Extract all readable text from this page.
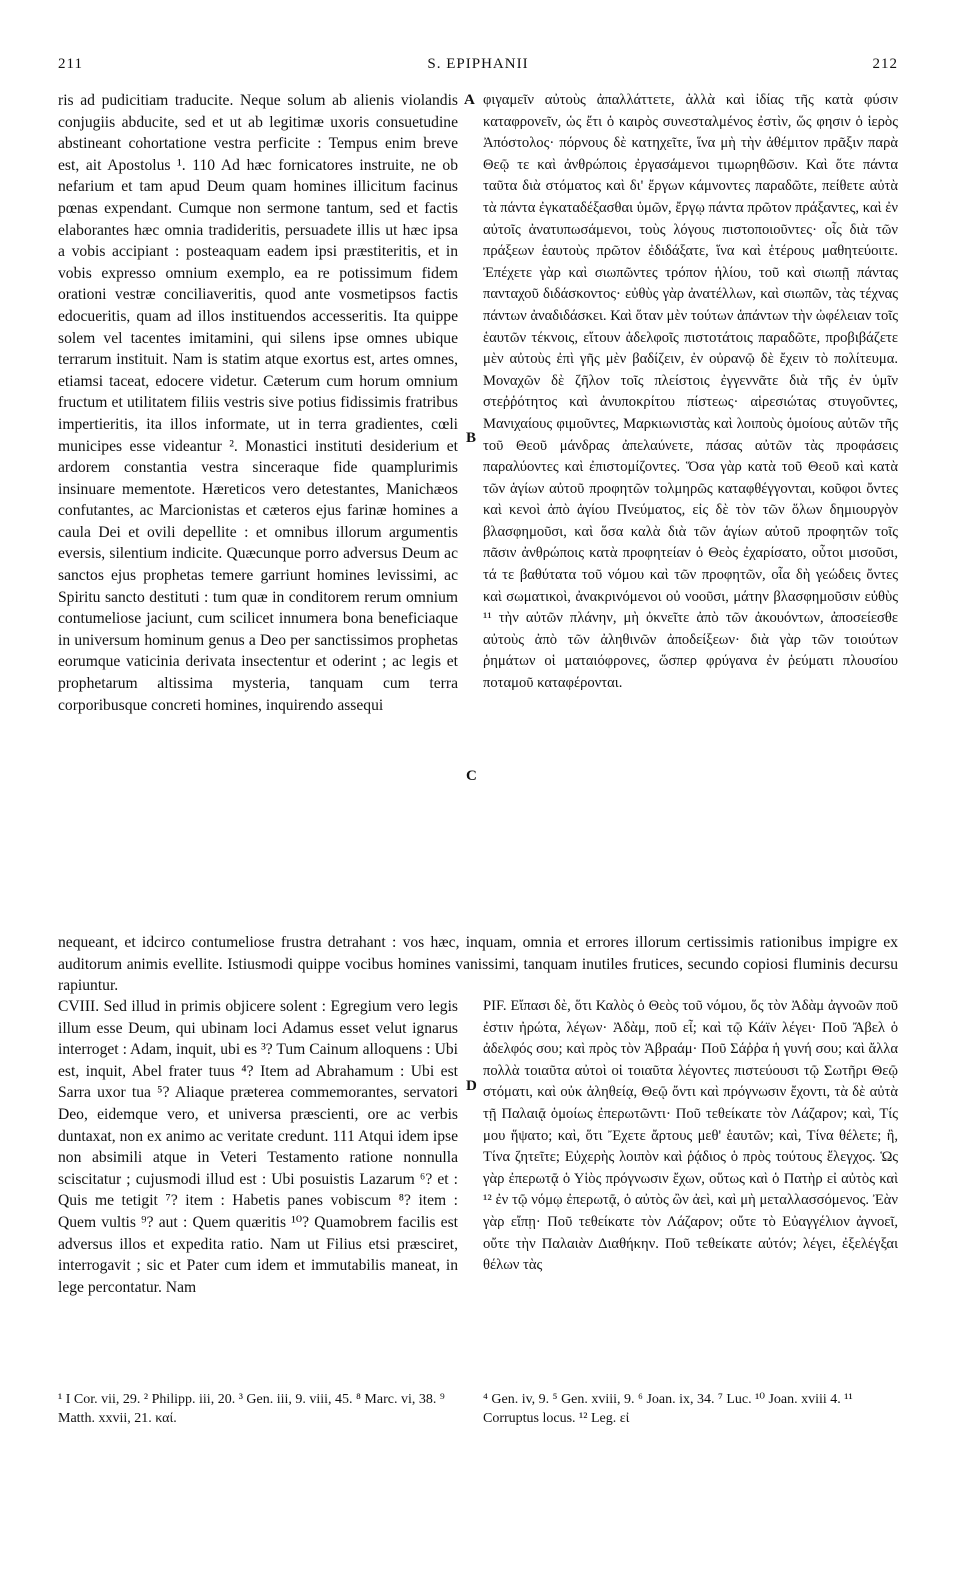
211	S. EPIPHANII	212

ris ad pudicitiam traducite. Neque solum ab alienis violandis conjugiis abducite, sed et ut ab legitimæ uxoris consuetudine abstineant cohortatione vestra perficite : Tempus enim breve est, ait Apostolus ¹. 110 Ad hæc fornicatores instruite, ne ob nefarium et tam apud Deum quam homines illicitum facinus pœnas expendant. Cumque non sermone tantum, sed et factis elaborantes hæc omnia tradideritis, persuadete illis ut hæc ipsa a vobis accipiant : posteaquam eadem ipsi præstiteritis, et in vobis expresso omnium exemplo, ea re potissimum fidem orationi vestræ conciliaveritis, quod ante vosmetipsos factis edocueritis, quam ad illos instituendos accesseritis. Ita quippe solem vel tacentes imitamini, qui silens ipse omnes ubique terrarum instituit. Nam is statim atque exortus est, artes omnes, etiamsi taceat, edocere videtur. Cæterum cum horum omnium fructum et utilitatem filiis vestris sive potius fidissimis fratribus impertieritis, ita illos informate, ut in terra gradientes, cœli municipes esse videantur ². Monastici instituti desiderium et ardorem constantia vestra sinceraque fide quamplurimis insinuare mementote. Hæreticos vero detestantes, Manichæos confutantes, ac Marcionistas et cæteros ejus farinæ homines a caula Dei et ovili depellite : et omnibus illorum argumentis eversis, silentium indicite. Quæcunque porro adversus Deum ac sanctos ejus prophetas temere garriunt homines levissimi, ac Spiritu sancto destituti : tum quæ in conditorem rerum omnium contumeliose jaciunt, cum scilicet innumera bona beneficiaque in universum hominum genus a Deo per sanctissimos prophetas eorumque vaticinia derivata insectentur et oderint ; ac legis et prophetarum altissima mysteria, tanquam cum terra corporibusque concreti homines, inquirendo assequi

φιγαμεῖν αὐτοὺς ἀπαλλάττετε, ἀλλὰ καὶ ἰδίας τῆς κατὰ φύσιν καταφρονεῖν, ὡς ἔτι ὁ καιρὸς συνεσταλμένος ἐστὶν, ὥς φησιν ὁ ἱερὸς Ἀπόστολος· πόρνους δὲ κατηχεῖτε, ἵνα μὴ τὴν ἀθέμιτον πρᾶξιν παρὰ Θεῷ τε καὶ ἀνθρώποις ἐργασάμενοι τιμωρηθῶσιν. Καὶ ὅτε πάντα ταῦτα διὰ στόματος καὶ δι' ἔργων κάμνοντες παραδῶτε, πείθετε αὐτὰ τὰ πάντα ἐγκαταδέξασθαι ὑμῶν, ἔργῳ πάντα πρῶτον πράξαντες, καὶ ἐν αὐτοῖς ἀνατυπωσάμενοι, τοὺς λόγους πιστοποιοῦντες· οἷς διὰ τῶν πράξεων ἑαυτοὺς πρῶτον ἐδιδάξατε, ἵνα καὶ ἑτέρους μαθητεύοιτε. Ἐπέχετε γὰρ καὶ σιωπῶντες τρόπον ἡλίου, τοῦ καὶ σιωπῇ πάντας πανταχοῦ διδάσκοντος· εὐθὺς γὰρ ἀνατέλλων, καὶ σιωπῶν, τὰς τέχνας πάντων ἀναδιδάσκει. Καὶ ὅταν μὲν τούτων ἁπάντων τὴν ὠφέλειαν τοῖς ἑαυτῶν τέκνοις, εἴτουν ἀδελφοῖς πιστοτάτοις παραδῶτε, προβιβάζετε μὲν αὐτοὺς ἐπὶ γῆς μὲν βαδίζειν, ἐν οὐρανῷ δὲ ἔχειν τὸ πολίτευμα. Μοναχῶν δὲ ζῆλον τοῖς πλείστοις ἐγγεννᾶτε διὰ τῆς ἐν ὑμῖν στεῤῥότητος καὶ ἀνυποκρίτου πίστεως· αἱρεσιώτας στυγοῦντες, Μανιχαίους φιμοῦντες, Μαρκιωνιστὰς καὶ λοιποὺς ὁμοίους αὐτῶν τῆς τοῦ Θεοῦ μάνδρας ἀπελαύνετε, πάσας αὐτῶν τὰς προφάσεις παραλύοντες καὶ ἐπιστομίζοντες. Ὅσα γὰρ κατὰ τοῦ Θεοῦ καὶ κατὰ τῶν ἁγίων αὐτοῦ προφητῶν τολμηρῶς καταφθέγγονται, κοῦφοι ὄντες καὶ κενοὶ ἀπὸ ἁγίου Πνεύματος, εἰς δὲ τὸν τῶν ὅλων δημιουργὸν βλασφημοῦσι, καὶ ὅσα καλὰ διὰ τῶν ἁγίων αὐτοῦ προφητῶν τοῖς πᾶσιν ἀνθρώποις κατὰ προφητείαν ὁ Θεὸς ἐχαρίσατο, οὗτοι μισοῦσι, τά τε βαθύτατα τοῦ νόμου καὶ τῶν προφητῶν, οἷα δὴ γεώδεις ὄντες καὶ σωματικοὶ, ἀνακρινόμενοι οὐ νοοῦσι, μάτην βλασφημοῦσιν εὐθὺς ¹¹ τὴν αὐτῶν πλάνην, μὴ ὀκνεῖτε ἀπὸ τῶν ἀκουόντων, ἀποσείεσθε αὐτοὺς ἀπὸ τῶν ἀληθινῶν ἀποδείξεων· διὰ γὰρ τῶν τοιούτων ῥημάτων οἱ ματαιόφρονες, ὥσπερ φρύγανα ἐν ῥεύματι πλουσίου ποταμοῦ καταφέρονται.

A
B
C
D

nequeant, et idcirco contumeliose frustra detrahant : vos hæc, inquam, omnia et errores illorum certissimis rationibus impigre ex auditorum animis evellite. Istiusmodi quippe vocibus homines vanissimi, tanquam inutiles frutices, secundo copiosi fluminis decursu rapiuntur.

CVIII. Sed illud in primis objicere solent : Egregium vero legis illum esse Deum, qui ubinam loci Adamus esset velut ignarus interroget : Adam, inquit, ubi es ³? Tum Cainum alloquens : Ubi est, inquit, Abel frater tuus ⁴? Item ad Abrahamum : Ubi est Sarra uxor tua ⁵? Aliaque præterea commemorantes, servatori Deo, eidemque vero, et universa præscienti, ore ac verbis duntaxat, non ex animo ac veritate credunt. 111 Atqui idem ipse non absimili atque in Veteri Testamento ratione nonnulla sciscitatur ; cujusmodi illud est : Ubi posuistis Lazarum ⁶? et : Quis me tetigit ⁷? item : Habetis panes vobiscum ⁸? item : Quem vultis ⁹? aut : Quem quæritis ¹⁰? Quamobrem facilis est adversus illos et expedita ratio. Nam ut Filius etsi præsciret, interrogavit ; sic et Pater cum idem et immutabilis maneat, in lege percontatur. Nam

PIF. Εἴπασι δὲ, ὅτι Καλὸς ὁ Θεὸς τοῦ νόμου, ὅς τὸν Ἀδὰμ ἀγνοῶν ποῦ ἐστιν ἠρώτα, λέγων· Ἀδὰμ, ποῦ εἶ; καὶ τῷ Κάϊν λέγει· Ποῦ Ἄβελ ὁ ἀδελφός σου; καὶ πρὸς τὸν Ἀβραάμ· Ποῦ Σάῤῥα ἡ γυνή σου; καὶ ἄλλα πολλὰ τοιαῦτα αὐτοὶ οἱ τοιαῦτα λέγοντες πιστεύουσι τῷ Σωτῆρι Θεῷ στόματι, καὶ οὐκ ἀληθείᾳ, Θεῷ ὄντι καὶ πρόγνωσιν ἔχοντι, τὰ δὲ αὐτὰ τῇ Παλαιᾷ ὁμοίως ἐπερωτῶντι· Ποῦ τεθείκατε τὸν Λάζαρον; καὶ, Τίς μου ἥψατο; καὶ, ὅτι Ἔχετε ἄρτους μεθ' ἑαυτῶν; καὶ, Τίνα θέλετε; ἢ, Τίνα ζητεῖτε; Εὐχερὴς λοιπὸν καὶ ῥᾴδιος ὁ πρὸς τούτους ἔλεγχος. Ὡς γὰρ ἐπερωτᾷ ὁ Υἱὸς πρόγνωσιν ἔχων, οὕτως καὶ ὁ Πατὴρ εἰ αὐτὸς καὶ ¹² ἐν τῷ νόμῳ ἐπερωτᾷ, ὁ αὐτὸς ὢν ἀεὶ, καὶ μὴ μεταλλασσόμενος. Ἐὰν γὰρ εἴπῃ· Ποῦ τεθείκατε τὸν Λάζαρον; οὔτε τὸ Εὐαγγέλιον ἀγνοεῖ, οὔτε τὴν Παλαιὰν Διαθήκην. Ποῦ τεθείκατε αὐτόν; λέγει, ἐξελέγξαι θέλων τὰς

¹ I Cor. vii, 29. ² Philipp. iii, 20. ³ Gen. iii, 9. viii, 45. ⁸ Marc. vi, 38. ⁹ Matth. xxvii, 21. καί.
⁴ Gen. iv, 9. ⁵ Gen. xviii, 9. ⁶ Joan. ix, 34. ⁷ Luc. ¹⁰ Joan. xviii 4. ¹¹ Corruptus locus. ¹² Leg. εἰ
